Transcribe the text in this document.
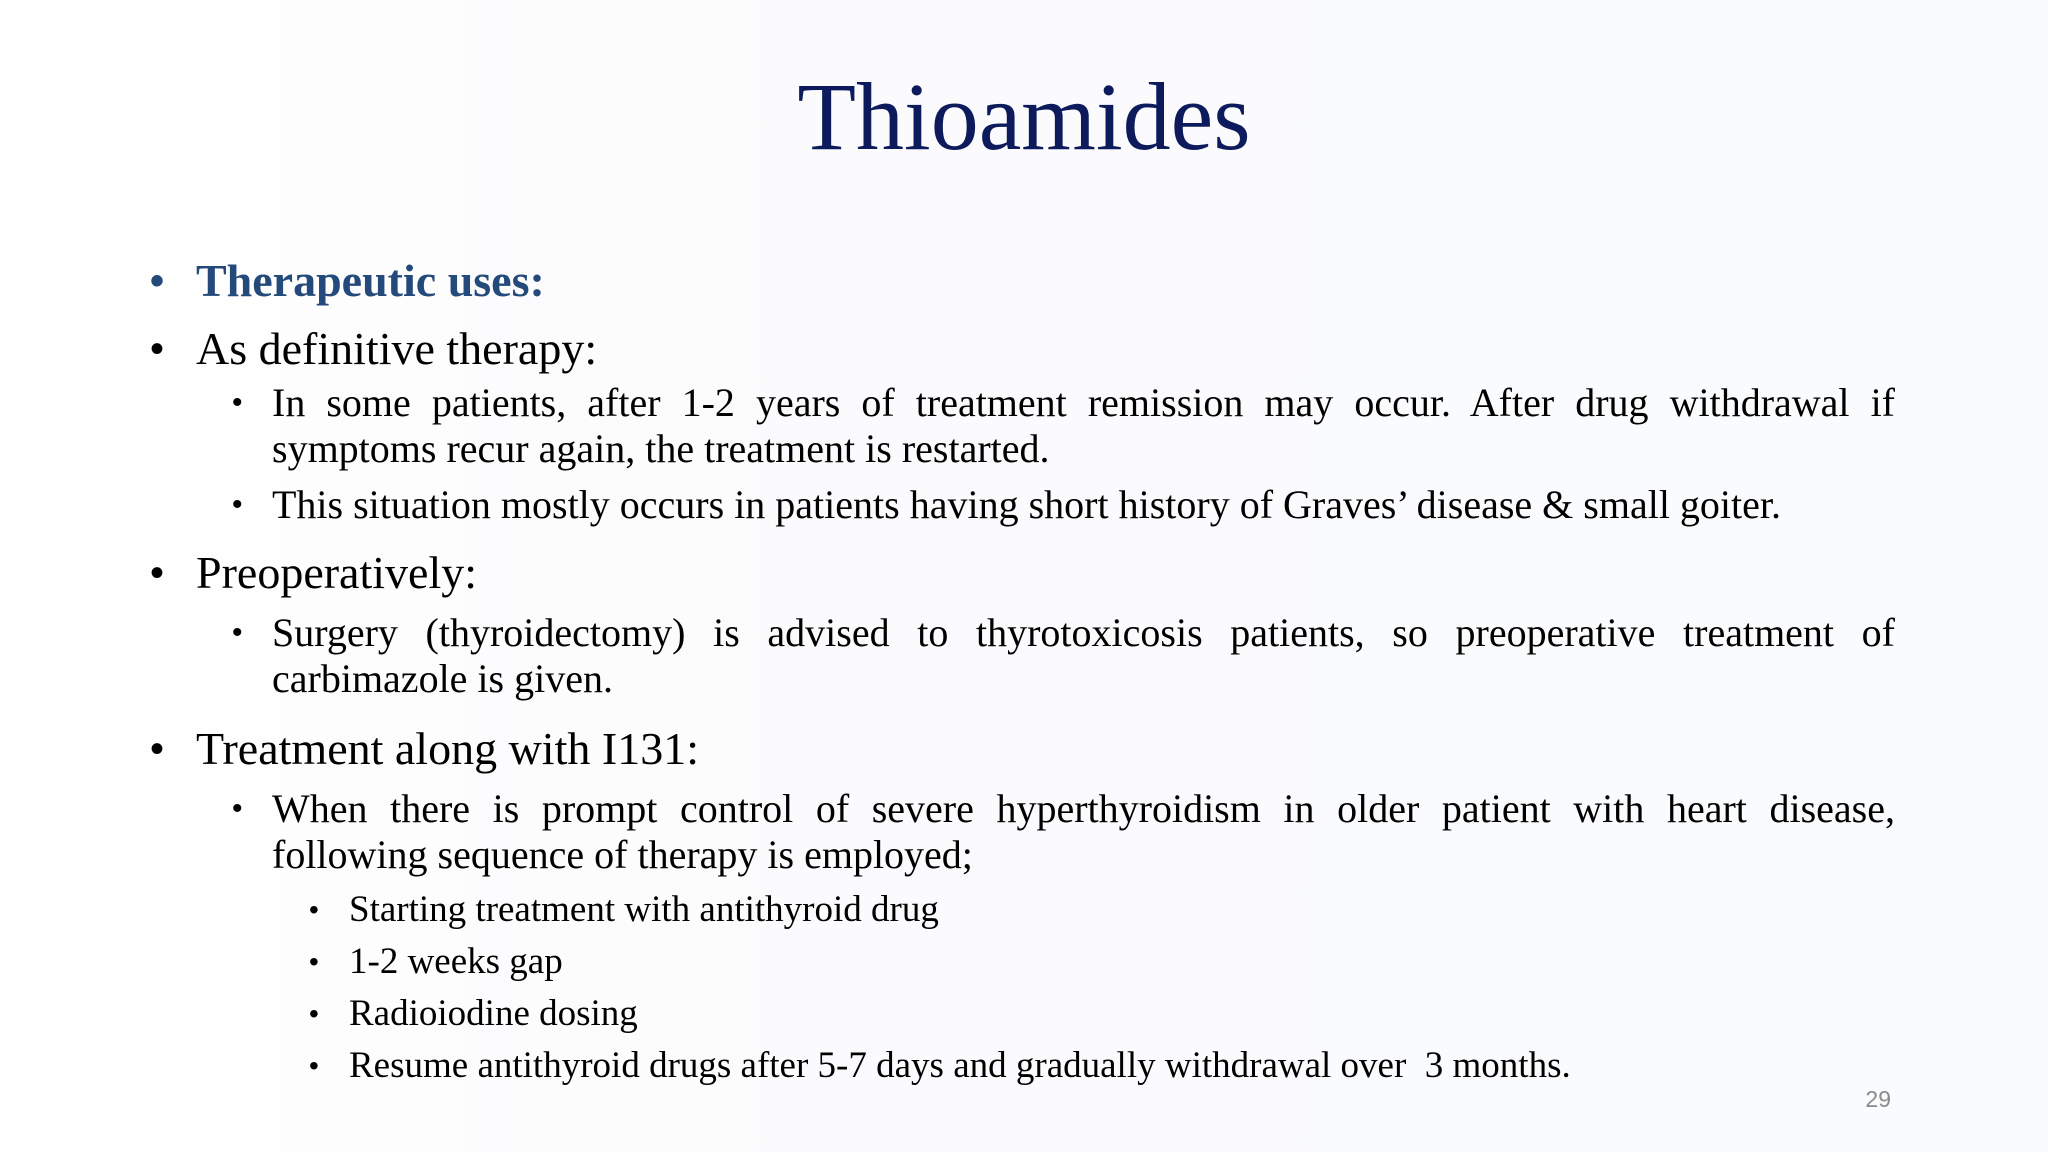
Thioamides
• Therapeutic uses:
• As definitive therapy:
• In some patients, after 1-2 years of treatment remission may occur. After drug withdrawal if symptoms recur again, the treatment is restarted.
• This situation mostly occurs in patients having short history of Graves’ disease & small goiter.
• Preoperatively:
• Surgery (thyroidectomy) is advised to thyrotoxicosis patients, so preoperative treatment of carbimazole is given.
• Treatment along with I131:
• When there is prompt control of severe hyperthyroidism in older patient with heart disease, following sequence of therapy is employed;
• Starting treatment with antithyroid drug
• 1-2 weeks gap
• Radioiodine dosing
• Resume antithyroid drugs after 5-7 days and gradually withdrawal over  3 months.
29
